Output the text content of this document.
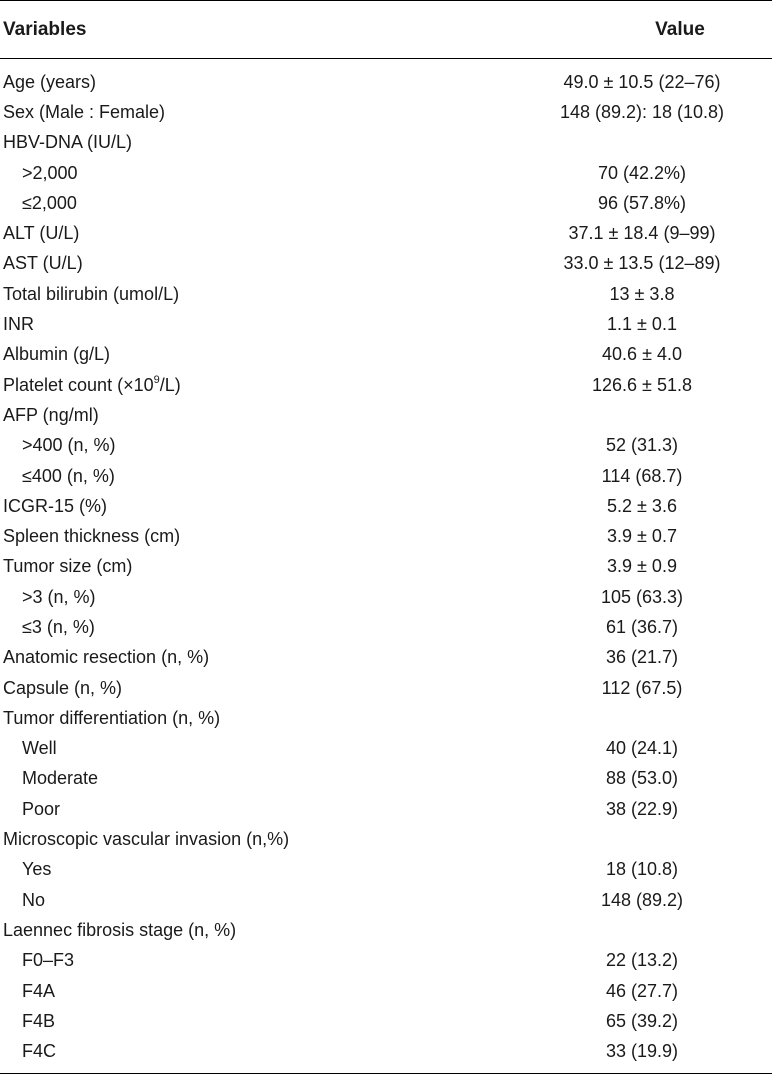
Variables	Value
Age (years)	49.0 ± 10.5 (22–76)
Sex (Male : Female)	148 (89.2): 18 (10.8)
HBV-DNA (IU/L)
>2,000	70 (42.2%)
≤2,000	96 (57.8%)
ALT (U/L)	37.1 ± 18.4 (9–99)
AST (U/L)	33.0 ± 13.5 (12–89)
Total bilirubin (umol/L)	13 ± 3.8
INR	1.1 ± 0.1
Albumin (g/L)	40.6 ± 4.0
Platelet count $(\times 10^9/L)$	126.6 ± 51.8
AFP (ng/ml)
>400 (n, %)	52 (31.3)
≤400 (n, %)	114 (68.7)
ICGR-15 (%)	5.2 ± 3.6
Spleen thickness (cm)	3.9 ± 0.7
Tumor size (cm)	3.9 ± 0.9
>3 (n, %)	105 (63.3)
≤3 (n, %)	61 (36.7)
Anatomic resection (n, %)	36 (21.7)
Capsule (n, %)	112 (67.5)
Tumor differentiation (n, %)
Well	40 (24.1)
Moderate	88 (53.0)
Poor	38 (22.9)
Microscopic vascular invasion (n,%)
Yes	18 (10.8)
No	148 (89.2)
Laennec fibrosis stage (n, %)
F0–F3	22 (13.2)
F4A	46 (27.7)
F4B	65 (39.2)
F4C	33 (19.9)
